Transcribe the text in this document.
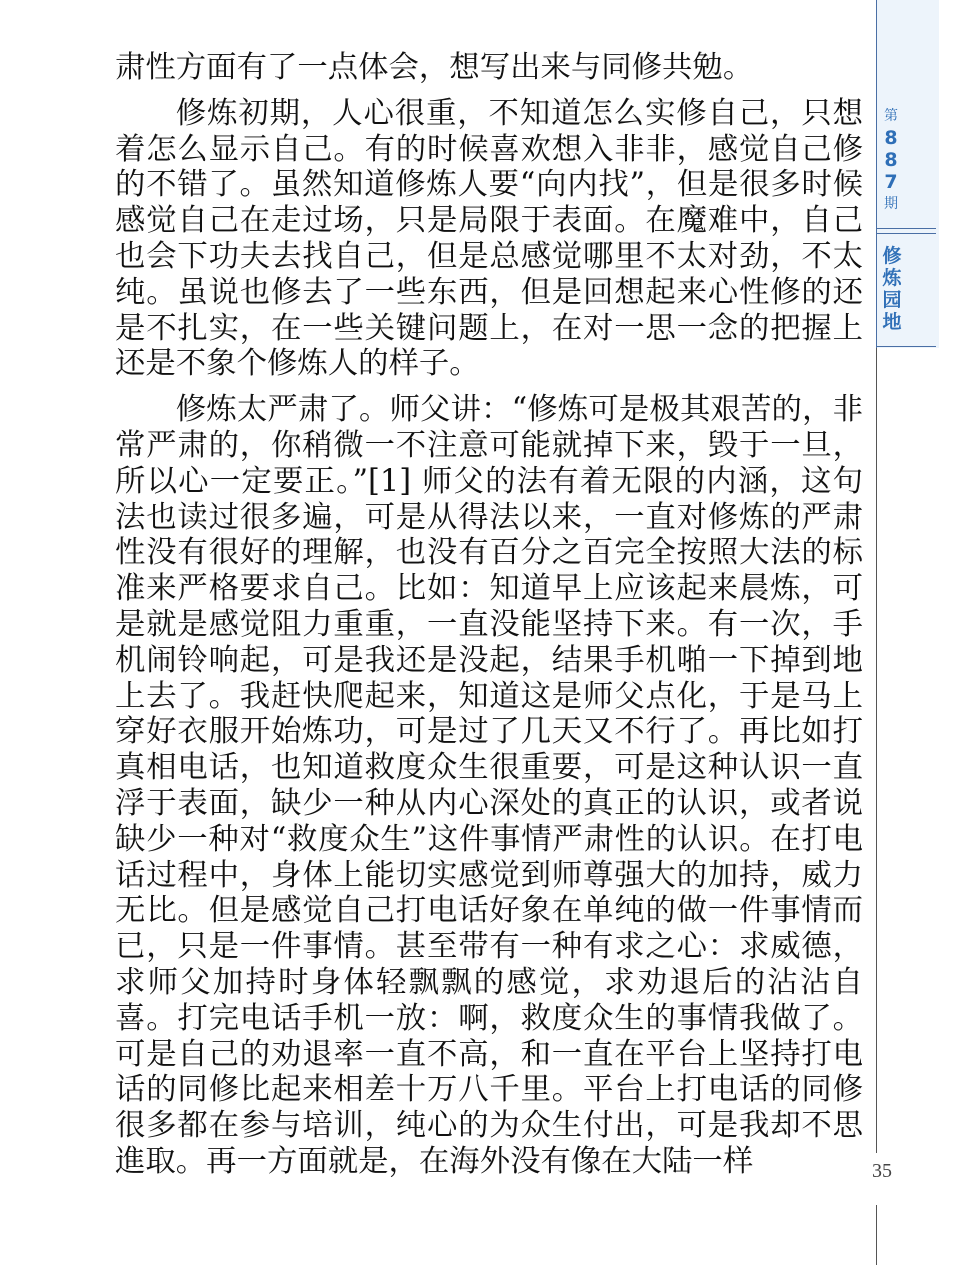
第
8
8
7
期
修
炼
园
地

肃性方面有了一点体会，想写出来与同修共勉。

修炼初期，人心很重，不知道怎么实修自己，只想着怎么显示自己。有的时候喜欢想入非非，感觉自己修的不错了。虽然知道修炼人要“向内找”，但是很多时候感觉自己在走过场，只是局限于表面。在魔难中，自己也会下功夫去找自己，但是总感觉哪里不太对劲，不太纯。虽说也修去了一些东西，但是回想起来心性修的还是不扎实，在一些关键问题上，在对一思一念的把握上还是不象个修炼人的样子。

修炼太严肃了。师父讲：“修炼可是极其艰苦的，非常严肃的，你稍微一不注意可能就掉下来，毁于一旦，所以心一定要正。”[1] 师父的法有着无限的内涵，这句法也读过很多遍，可是从得法以来，一直对修炼的严肃性没有很好的理解，也没有百分之百完全按照大法的标准来严格要求自己。比如：知道早上应该起来晨炼，可是就是感觉阻力重重，一直没能坚持下来。有一次，手机闹铃响起，可是我还是没起，结果手机啪一下掉到地上去了。我赶快爬起来，知道这是师父点化，于是马上穿好衣服开始炼功，可是过了几天又不行了。再比如打真相电话，也知道救度众生很重要，可是这种认识一直浮于表面，缺少一种从内心深处的真正的认识，或者说缺少一种对“救度众生”这件事情严肃性的认识。在打电话过程中，身体上能切实感觉到师尊强大的加持，威力无比。但是感觉自己打电话好象在单纯的做一件事情而已，只是一件事情。甚至带有一种有求之心：求威德，求师父加持时身体轻飘飘的感觉，求劝退后的沾沾自喜。打完电话手机一放：啊，救度众生的事情我做了。可是自己的劝退率一直不高，和一直在平台上坚持打电话的同修比起来相差十万八千里。平台上打电话的同修很多都在参与培训，纯心的为众生付出，可是我却不思進取。再一方面就是，在海外没有像在大陆一样	35
